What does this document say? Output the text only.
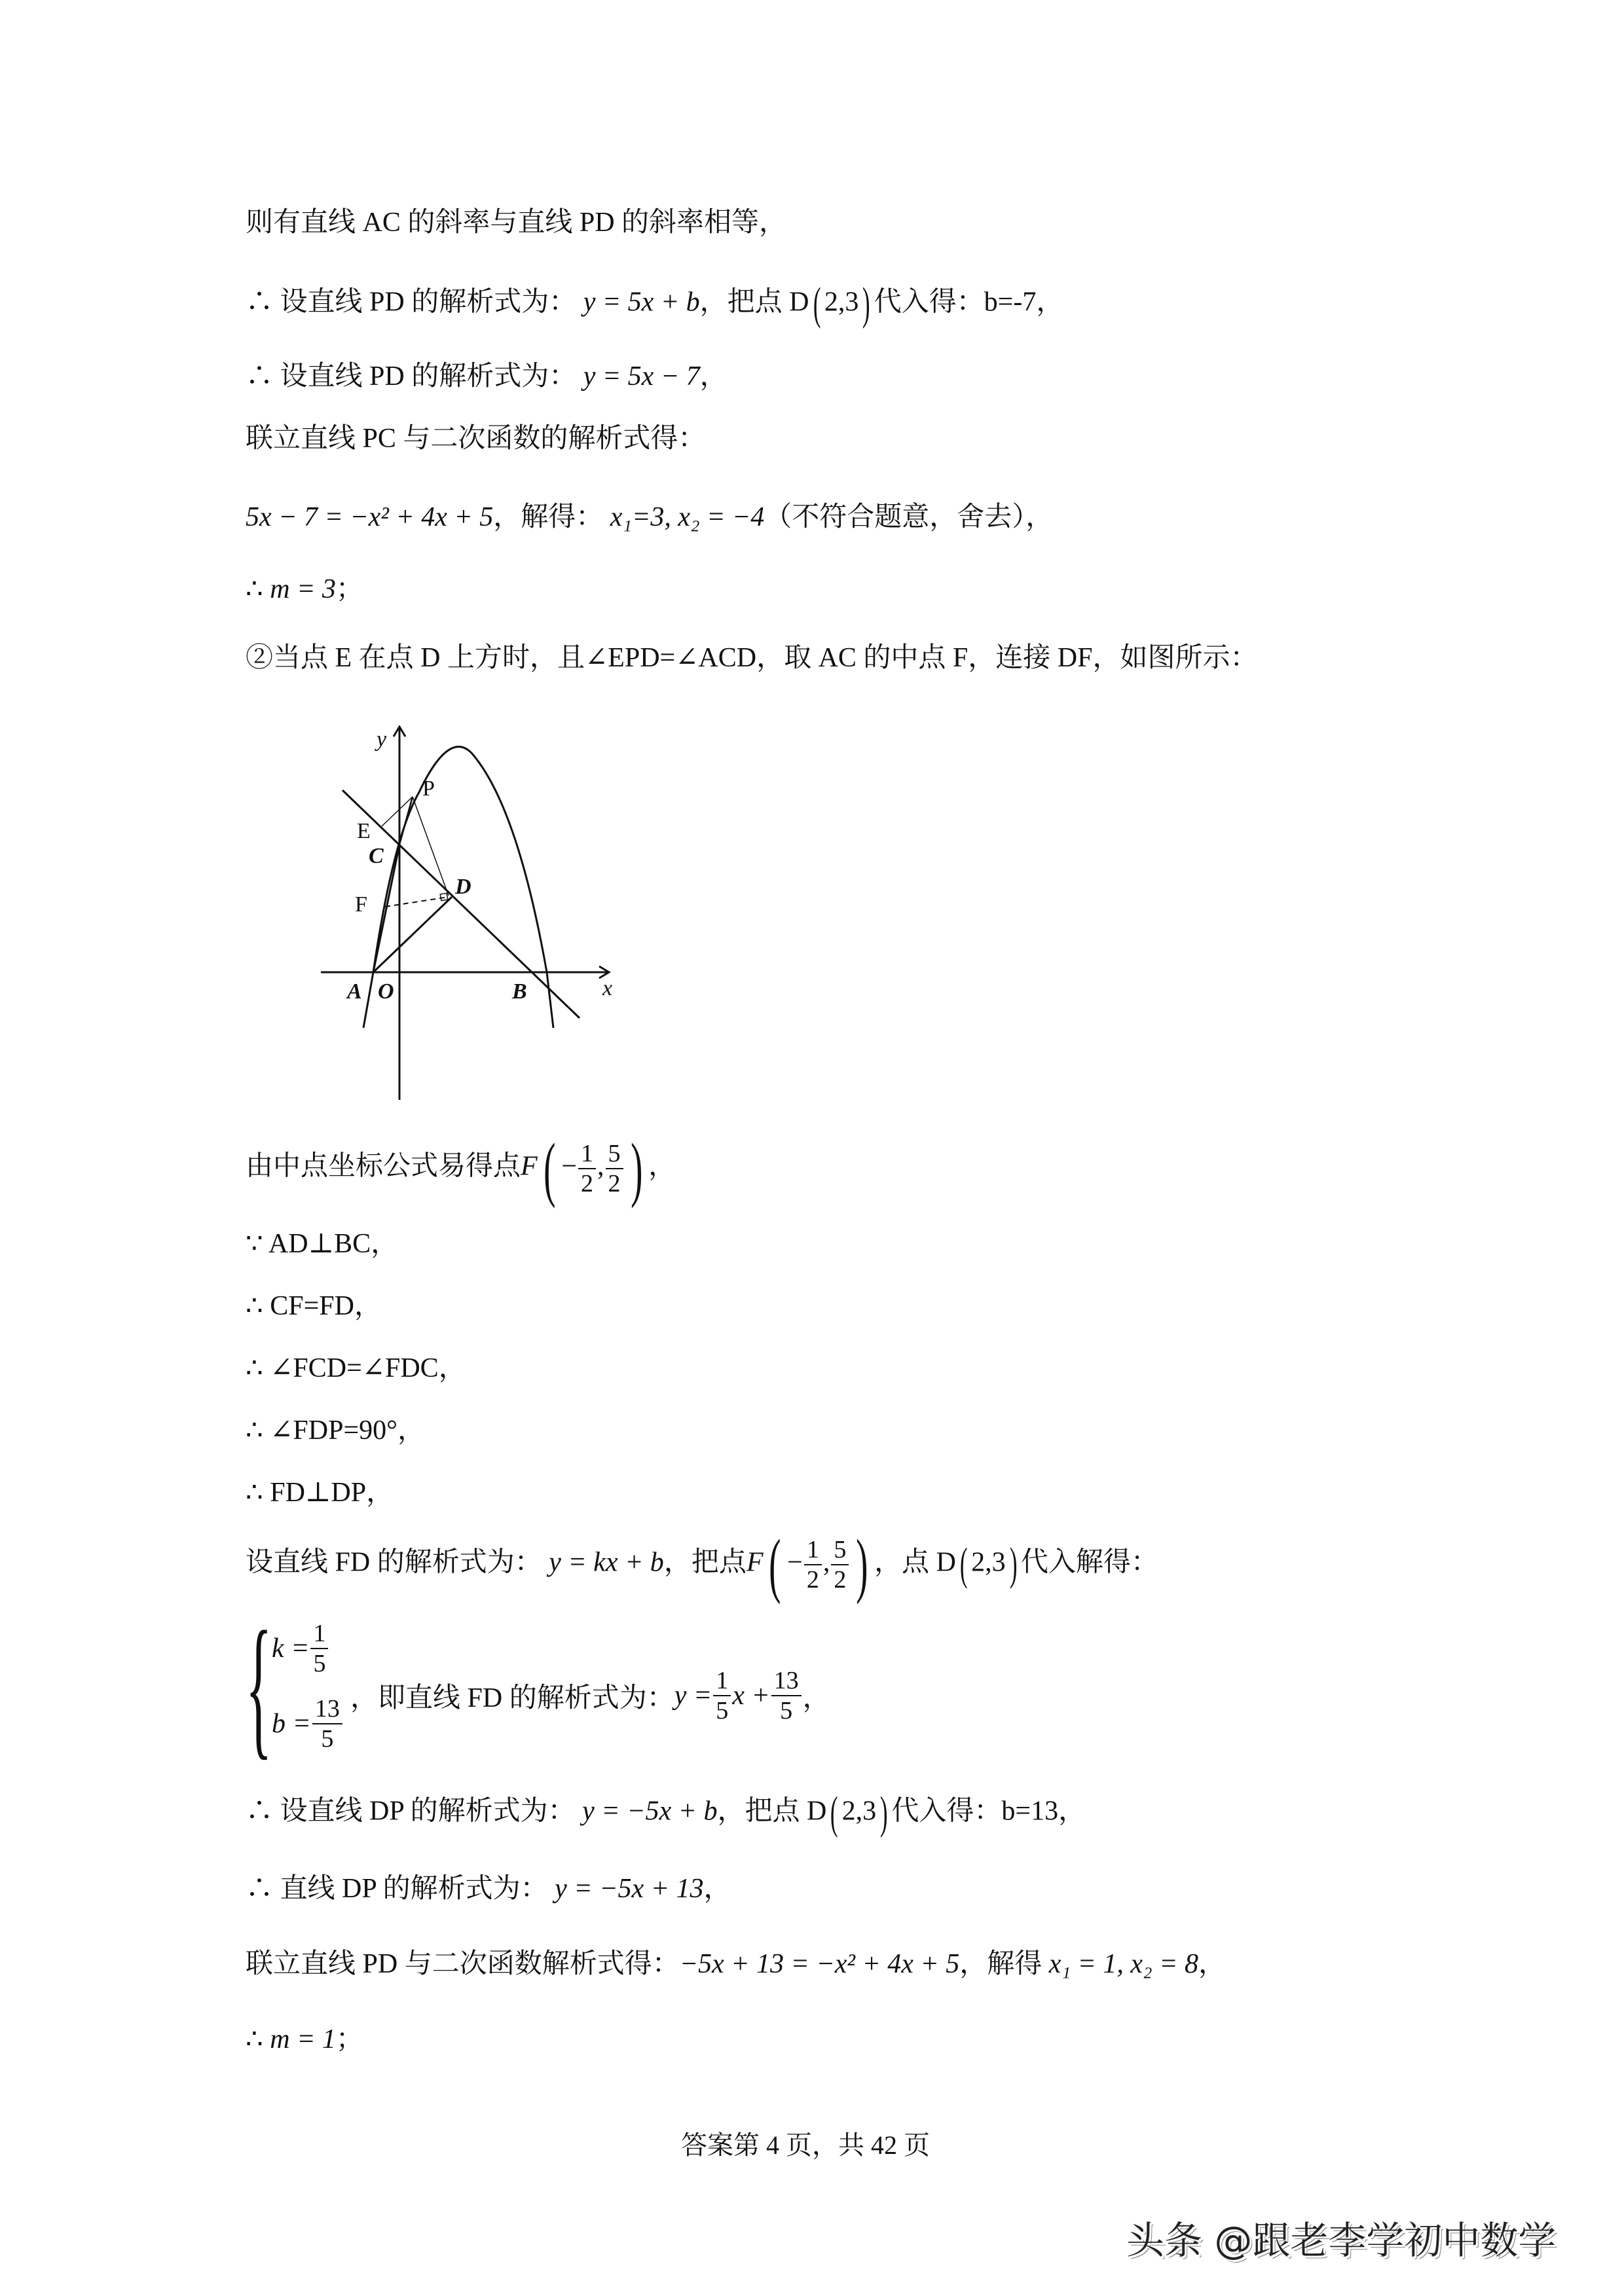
则有直线 AC 的斜率与直线 PD 的斜率相等，
∴ 设直线 PD 的解析式为： y = 5x + b，把点 D( 2,3) 代入得：b=-7，
∴ 设直线 PD 的解析式为： y = 5x − 7，
联立直线 PC 与二次函数的解析式得：
5x − 7 = −x² + 4x + 5，解得： x₁=3, x₂ = −4（不符合题意，舍去），
∴ m = 3；
②当点 E 在点 D 上方时，且∠EPD=∠ACD，取 AC 的中点 F，连接 DF，如图所示：
y
x
P
E
C
F
D
A O	B
由中点坐标公式易得点$F( - \frac{1}{2}$ , $\frac{5}{2}$ ) ，
∵ AD⊥BC，
∴ CF=FD，
∴ ∠FCD=∠FDC，
∴ ∠FDP=90°，
∴ FD⊥DP，
设直线 FD 的解析式为： y = kx + b，把点$F( - \frac{1}{2}$ , $\frac{5}{2}$ ) ，点 D( 2,3) 代入解得：
{ $k = \frac{1}{5}$
$b = \frac{13}{5}$ ，即直线 FD 的解析式为： $y = \frac{1}{5}$ $x + \frac{13}{5}$ ，
∴ 设直线 DP 的解析式为： y = −5x + b，把点 D( 2,3) 代入得：b=13，
∴ 直线 DP 的解析式为： y = −5x + 13，
联立直线 PD 与二次函数解析式得：−5x + 13 = −x² + 4x + 5，解得 x₁ = 1, x₂ = 8，
∴ m = 1；
答案第 4 页，共 42 页
头条 @跟老李学初中数学
